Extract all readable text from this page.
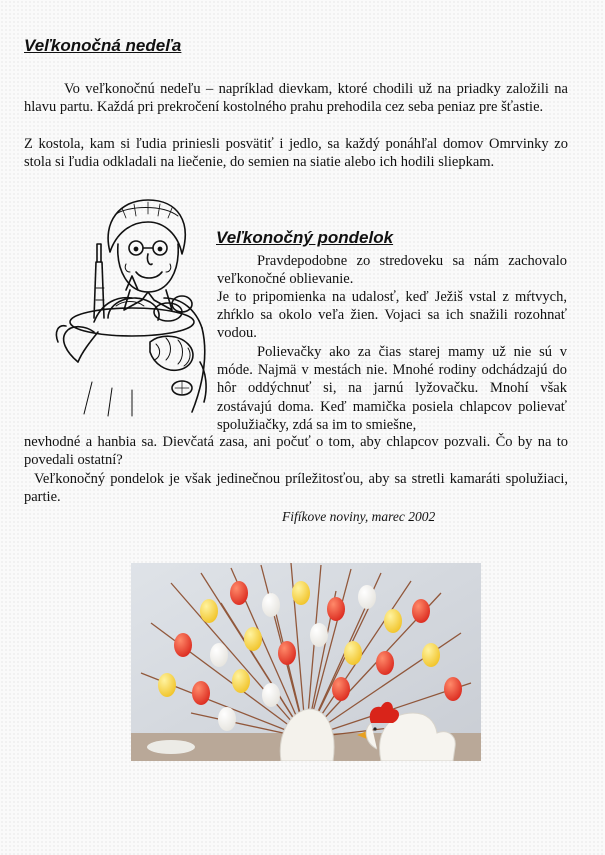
Veľkonočná nedeľa

Vo veľkonočnú nedeľu – napríklad dievkam, ktoré chodili už na priadky založili na hlavu partu. Každá pri prekročení kostolného prahu prehodila cez seba peniaz pre šťastie.

Z kostola, kam si ľudia priniesli posvätiť i jedlo, sa každý ponáhľal domov Omrvinky zo stola si ľudia odkladali na liečenie, do semien na siatie alebo ich hodili sliepkam.

Veľkonočný pondelok

Pravdepodobne zo stredoveku sa nám zachovalo veľkonočné oblievanie.

Je to pripomienka na udalosť, keď Ježiš vstal z mŕtvych, zhŕklo sa okolo veľa žien. Vojaci sa ich snažili rozohnať vodou.

Polievačky ako za čias starej mamy už nie sú v móde. Najmä v mestách nie. Mnohé rodiny odchádzajú do hôr oddýchnuť si, na jarnú lyžovačku. Mnohí však zostávajú doma. Keď mamička posiela chlapcov polievať spolužiačky, zdá sa im to smiešne,

nevhodné a hanbia sa. Dievčatá zasa, ani počuť o tom, aby chlapcov pozvali. Čo by na to povedali ostatní?

Veľkonočný pondelok je však jedinečnou príležitosťou, aby sa stretli kamaráti spolužiaci, partie.

Fifíkove noviny, marec 2002
